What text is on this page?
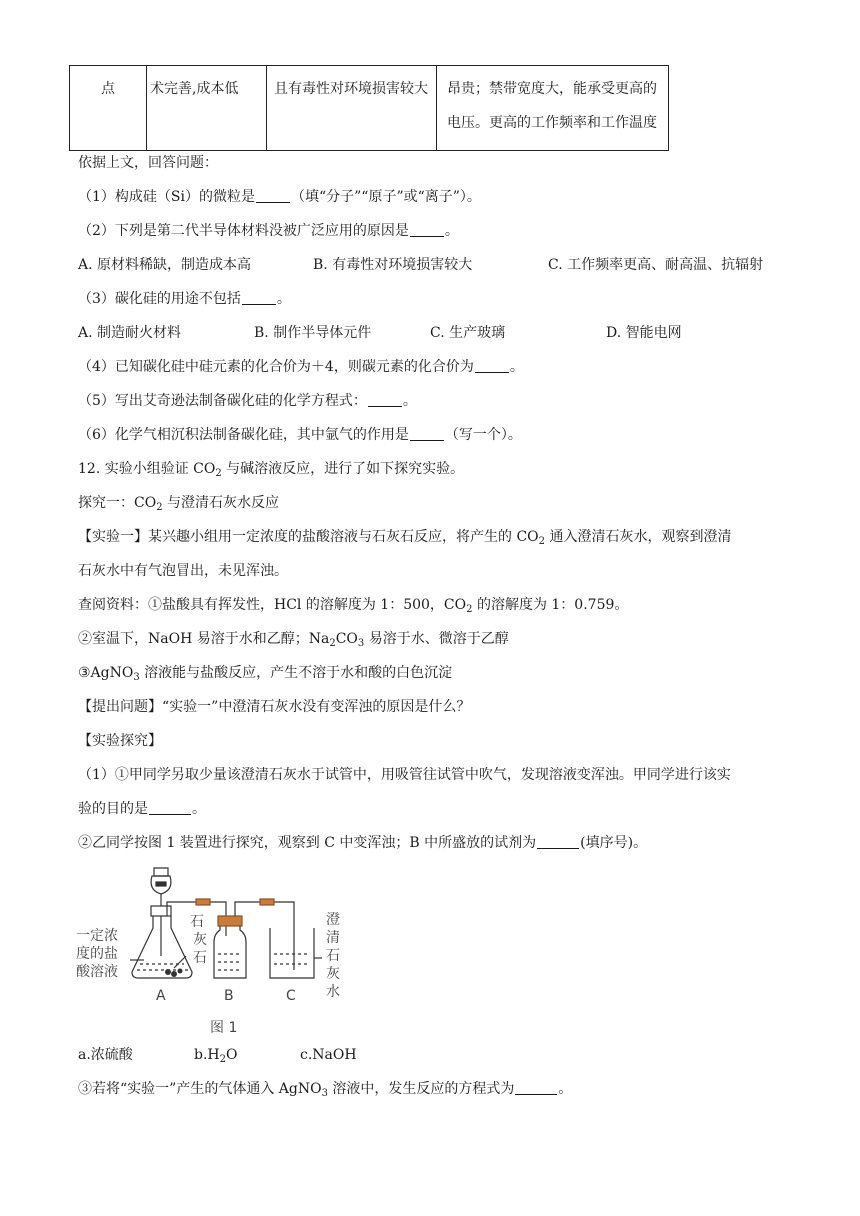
点	术完善,成本低	且有毒性对环境损害较大	昂贵；禁带宽度大，能承受更高的电压。更高的工作频率和工作温度
依据上文，回答问题：
（1）构成硅（Si）的微粒是	（填“分子”“原子”或“离子”）。
（2）下列是第二代半导体材料没被广泛应用的原因是	。
A. 原材料稀缺，制造成本高	B. 有毒性对环境损害较大	C. 工作频率更高、耐高温、抗辐射
（3）碳化硅的用途不包括	。
A. 制造耐火材料	B. 制作半导体元件	C. 生产玻璃	D. 智能电网
（4）已知碳化硅中硅元素的化合价为＋4，则碳元素的化合价为	。
（5）写出艾奇逊法制备碳化硅的化学方程式：	。
（6）化学气相沉积法制备碳化硅，其中氩气的作用是	（写一个）。
12. 实验小组验证 $CO_2$ 与碱溶液反应，进行了如下探究实验。
探究一：$CO_2$ 与澄清石灰水反应
【实验一】某兴趣小组用一定浓度的盐酸溶液与石灰石反应，将产生的 $CO_2$ 通入澄清石灰水，观察到澄清
石灰水中有气泡冒出，未见浑浊。
查阅资料：①盐酸具有挥发性，HCl 的溶解度为 1：500，$CO_2$ 的溶解度为 1：0.759。
②室温下，NaOH 易溶于水和乙醇；$Na_2CO_3$ 易溶于水、微溶于乙醇
③AgNO$_3$ 溶液能与盐酸反应，产生不溶于水和酸的白色沉淀
【提出问题】“实验一”中澄清石灰水没有变浑浊的原因是什么？
【实验探究】
（1）①甲同学另取少量该澄清石灰水于试管中，用吸管往试管中吹气，发现溶液变浑浊。甲同学进行该实
验的目的是	。
②乙同学按图 1 装置进行探究，观察到 C 中变浑浊；B 中所盛放的试剂为	(填序号)。
一定浓
度的盐
酸溶液
石
灰
石
澄
清
石
灰
水
A	B	C
图 1
a.浓硫酸	$b.H_2O$	c.NaOH
③若将“实验一”产生的气体通入 AgNO$_3$ 溶液中，发生反应的方程式为	。
